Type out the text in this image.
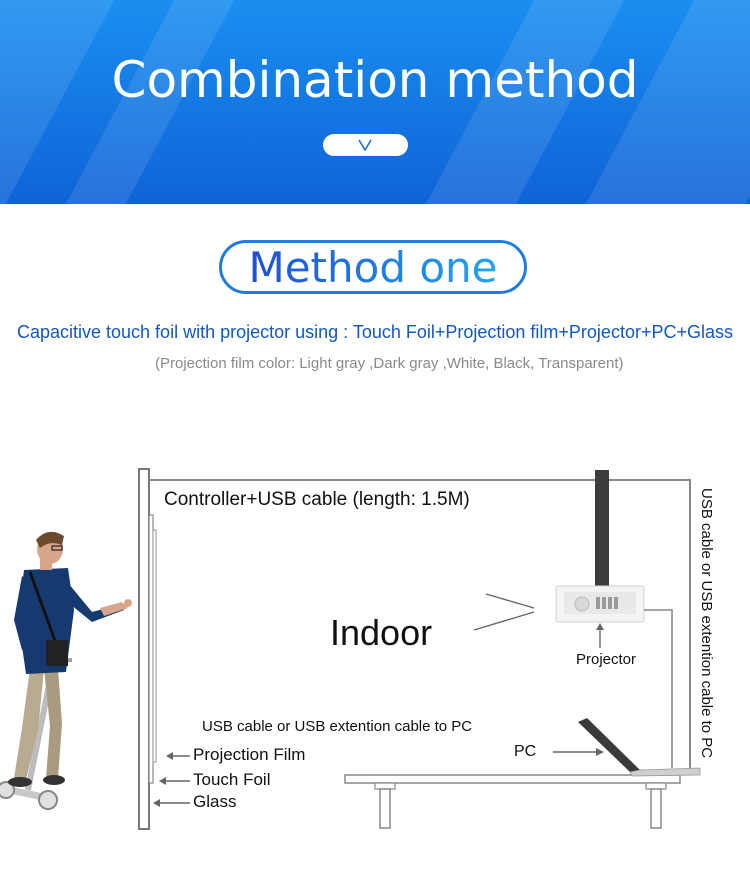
Combination method
Method one
Capacitive touch foil with projector using : Touch Foil+Projection film+Projector+PC+Glass
(Projection film color: Light gray ,Dark gray ,White, Black, Transparent)
Controller+USB cable (length: 1.5M)
Indoor
Projector
USB cable or USB extention cable to PC
PC
Projection Film
Touch Foil
Glass
USB cable or USB extention cable to PC
